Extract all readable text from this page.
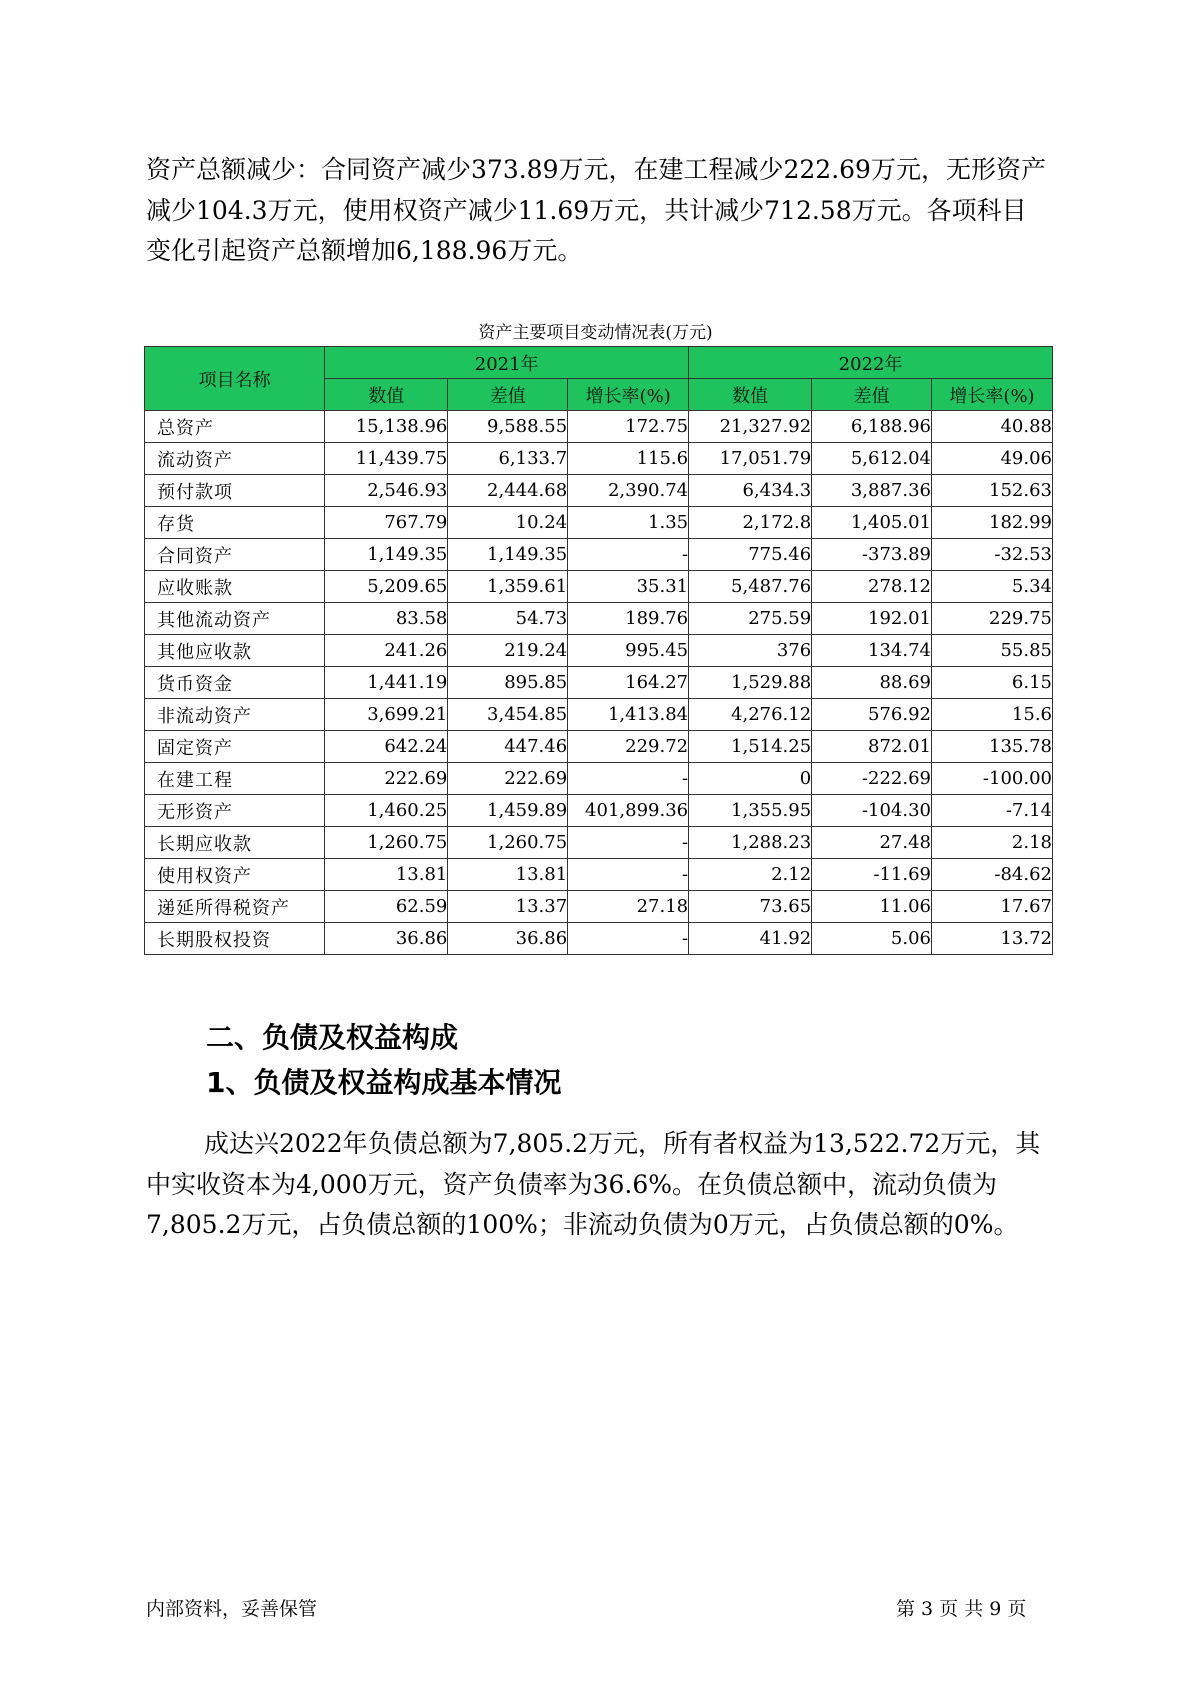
资产总额减少：合同资产减少373.89万元，在建工程减少222.69万元，无形资产减少104.3万元，使用权资产减少11.69万元，共计减少712.58万元。各项科目变化引起资产总额增加6,188.96万元。

资产主要项目变动情况表(万元)
项目名称	2021年			2022年		
	数值	差值	增长率(%)	数值	差值	增长率(%)
总资产	15,138.96	9,588.55	172.75	21,327.92	6,188.96	40.88
流动资产	11,439.75	6,133.7	115.6	17,051.79	5,612.04	49.06
预付款项	2,546.93	2,444.68	2,390.74	6,434.3	3,887.36	152.63
存货	767.79	10.24	1.35	2,172.8	1,405.01	182.99
合同资产	1,149.35	1,149.35	-	775.46	-373.89	-32.53
应收账款	5,209.65	1,359.61	35.31	5,487.76	278.12	5.34
其他流动资产	83.58	54.73	189.76	275.59	192.01	229.75
其他应收款	241.26	219.24	995.45	376	134.74	55.85
货币资金	1,441.19	895.85	164.27	1,529.88	88.69	6.15
非流动资产	3,699.21	3,454.85	1,413.84	4,276.12	576.92	15.6
固定资产	642.24	447.46	229.72	1,514.25	872.01	135.78
在建工程	222.69	222.69	-	0	-222.69	-100.00
无形资产	1,460.25	1,459.89	401,899.36	1,355.95	-104.30	-7.14
长期应收款	1,260.75	1,260.75	-	1,288.23	27.48	2.18
使用权资产	13.81	13.81	-	2.12	-11.69	-84.62
递延所得税资产	62.59	13.37	27.18	73.65	11.06	17.67
长期股权投资	36.86	36.86	-	41.92	5.06	13.72
二、负债及权益构成
1、负债及权益构成基本情况

成达兴2022年负债总额为7,805.2万元，所有者权益为13,522.72万元，其中实收资本为4,000万元，资产负债率为36.6%。在负债总额中，流动负债为7,805.2万元，占负债总额的100%；非流动负债为0万元，占负债总额的0%。

内部资料，妥善保管	第 3 页 共 9 页
